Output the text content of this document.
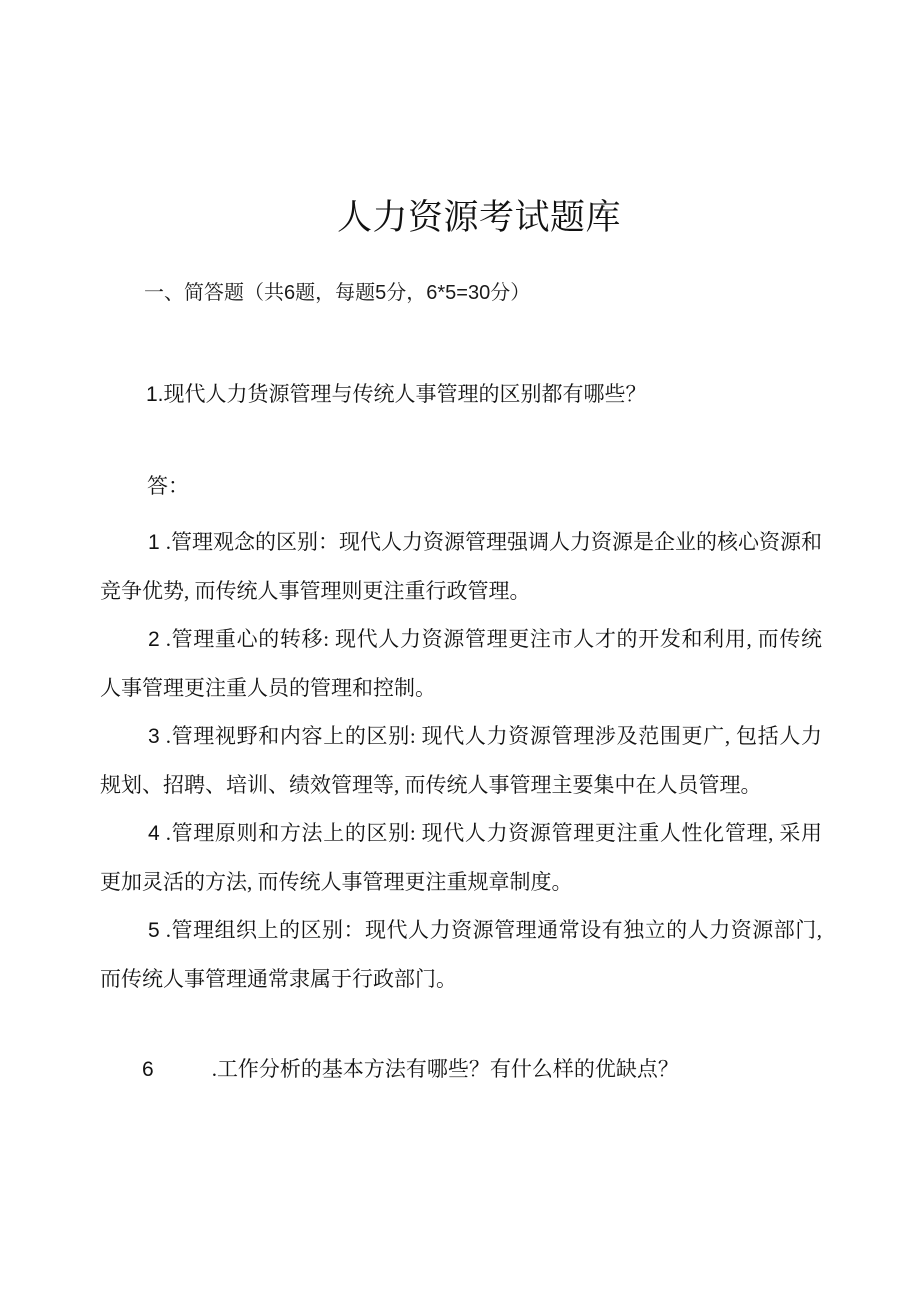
人力资源考试题库
一、简答题（共6题，每题5分，6*5=30分）
1.现代人力货源管理与传统人事管理的区别都有哪些？
答：

1 .管理观念的区别：现代人力资源管理强调人力资源是企业的核心资源和竞争优势, 而传统人事管理则更注重行政管理。

2 .管理重心的转移: 现代人力资源管理更注市人才的开发和利用, 而传统人事管理更注重人员的管理和控制。

3 .管理视野和内容上的区别: 现代人力资源管理涉及范围更广, 包括人力规划、招聘、培训、绩效管理等, 而传统人事管理主要集中在人员管理。

4 .管理原则和方法上的区别: 现代人力资源管理更注重人性化管理, 采用更加灵活的方法, 而传统人事管理更注重规章制度。

5 .管理组织上的区别：现代人力资源管理通常设有独立的人力资源部门, 而传统人事管理通常隶属于行政部门。

6	.工作分析的基本方法有哪些？有什么样的优缺点？
